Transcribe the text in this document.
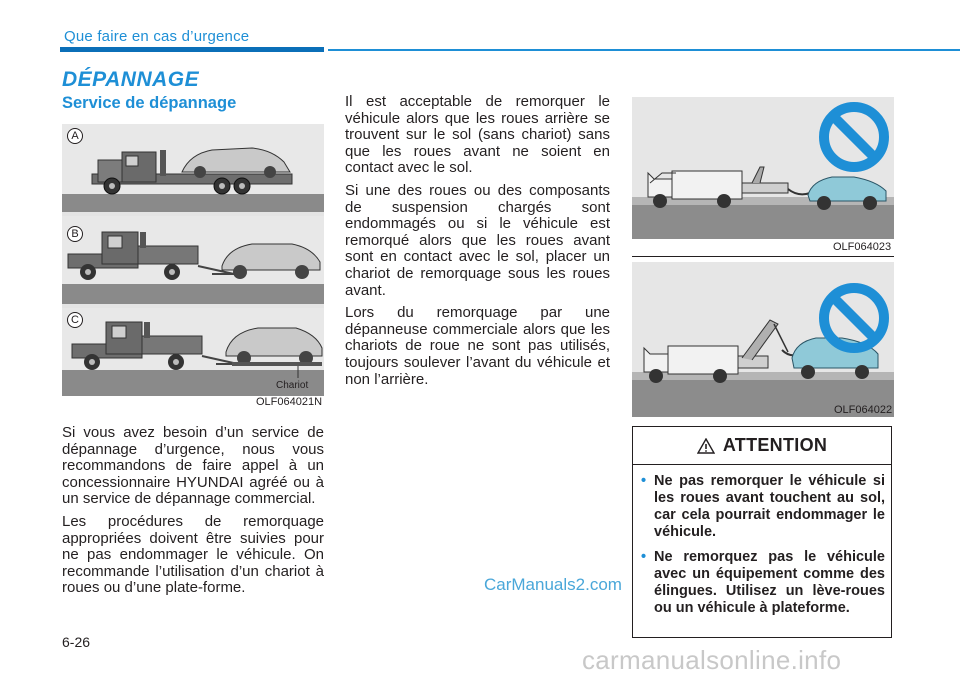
Que faire en cas d’urgence
DÉPANNAGE
Service de dépannage
A
B
C
Chariot
OLF064021N

Si vous avez besoin d’un service de dépannage d’urgence, nous vous recommandons de faire appel à un concessionnaire HYUNDAI agréé ou à un service de dépannage commercial.

Les procédures de remorquage appropriées doivent être suivies pour ne pas endommager le véhicule. On recommande l’utilisation d’un chariot à roues ou d’une plate-forme.

Il est acceptable de remorquer le véhicule alors que les roues arrière se trouvent sur le sol (sans chariot) sans que les roues avant ne soient en contact avec le sol.

Si une des roues ou des composants de suspension chargés sont endommagés ou si le véhicule est remorqué alors que les roues avant sont en contact avec le sol, placer un chariot de remorquage sous les roues avant.

Lors du remorquage par une dépanneuse commerciale alors que les chariots de roue ne sont pas utilisés, toujours soulever l’avant du véhicule et non l’arrière.

OLF064023
OLF064022
ATTENTION
• Ne pas remorquer le véhicule si les roues avant touchent au sol, car cela pourrait endommager le véhicule.
• Ne remorquez pas le véhicule avec un équipement comme des élingues. Utilisez un lève-roues ou un véhicule à plateforme.
6-26
CarManuals2.com
carmanualsonline.info
